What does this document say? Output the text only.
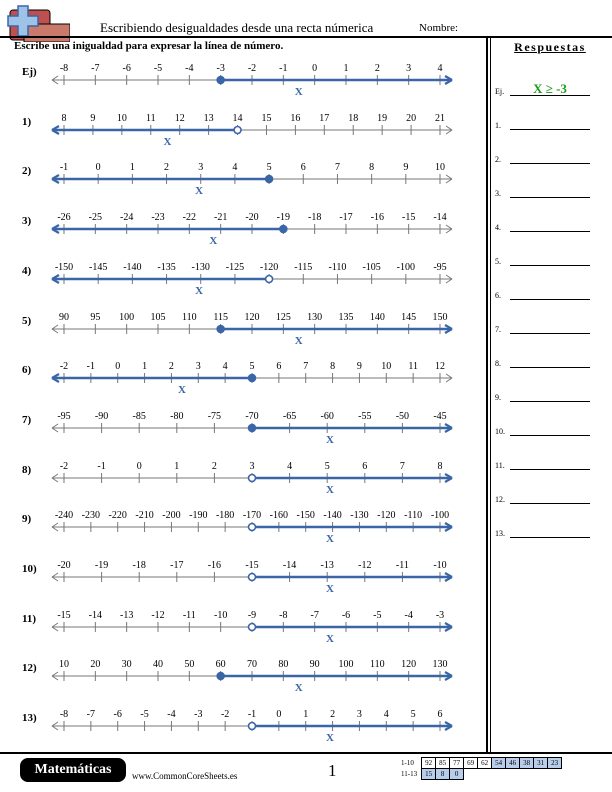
Escribiendo desigualdades desde una recta númerica	Nombre:
Escribe una inigualdad para expresar la línea de número.	Respuestas
Ej.	X ≥ -3
1.
2.
3.
4.
5.
6.
7.
8.
9.
10.
11.
12.
13.
Ej) -8 -7 -6 -5 -4 -3 -2 -1 0	1	2	3	4
X
1)	8 9 10 11 12 13 14 15 16 17 18 19 20 21
X
2)	-1	0	1	2	3	4	5	6	7	8	9	10
X
3)	-26 -25 -24 -23 -22 -21 -20 -19 -18 -17 -16 -15 -14
X
4) -150 -145 -140 -135 -130 -125 -120 -115 -110 -105 -100 -95
X
5)	90 95 100 105 110 115 120 125 130 135 140 145 150
X
6)	-2 -1 0 1 2 3 4 5 6 7 8 9 10 11 12
X
7)	-95 -90 -85 -80 -75 -70 -65 -60 -55 -50 -45
X
8)	-2	-1	0	1	2	3	4	5	6	7	8
X
9) -240 -230 -220 -210 -200 -190 -180 -170 -160 -150 -140 -130 -120 -110 -100
X
10) -20 -19 -18 -17 -16 -15 -14 -13 -12 -11 -10
X
11) -15 -14 -13 -12 -11 -10 -9 -8 -7 -6 -5 -4 -3
X
12) 10 20 30 40 50 60 70 80 90 100 110 120 130
X
13) -8 -7 -6 -5 -4 -3 -2 -1 0 1 2 3 4 5 6
X
Matemáticas	www.CommonCoreSheets.es	1	1-10	92	85	77	69	62	54	46	38	31	23
11-13	15	8	0							
